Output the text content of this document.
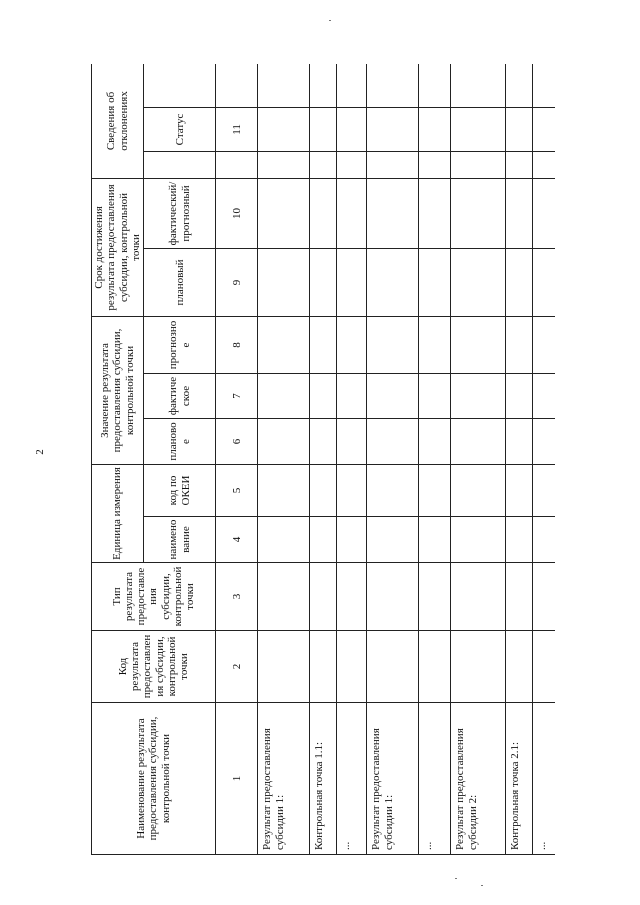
2
Наименование результата предоставления субсидии, контрольной точки	Код результата предоставления субсидии, контрольной точки	Тип результата предоставления субсидии, контрольной точки	Единица измерения		Значение результата предоставления субсидии, контрольной точки			Срок достижения результата предоставления субсидии, контрольной точки		Сведения об отклонениях		
			наименование	код по ОКЕИ	плановое	фактическое	прогнозное	плановый	фактический/ прогнозный		Статус	
1	2	3	4	5	6	7	8	9	10		11	
Результат предоставления субсидии 1:												
Контрольная точка 1.1:												
...												
Результат предоставления субсидии 1:												
...												
Результат предоставления субсидии 2:												
Контрольная точка 2.1:												
...												
